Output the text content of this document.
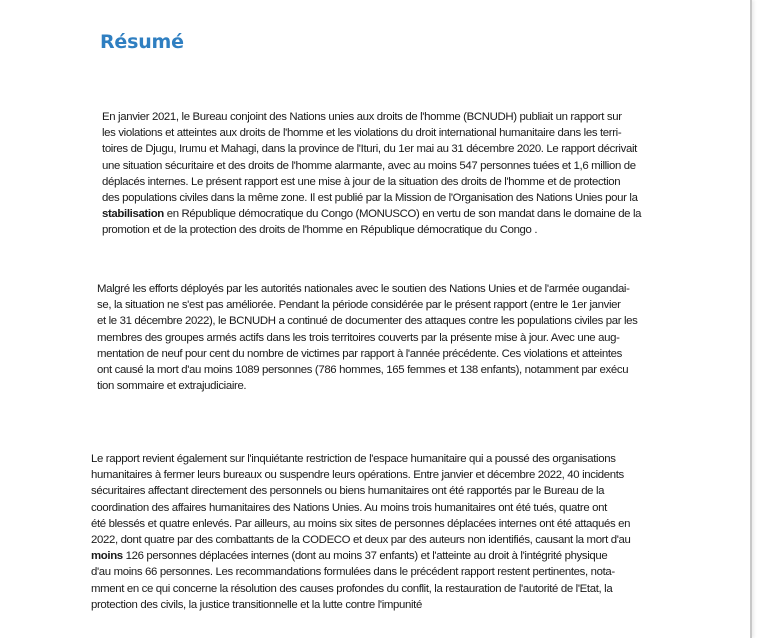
Résumé

En janvier 2021, le Bureau conjoint des Nations unies aux droits de l'homme (BCNUDH) publiait un rapport sur
les violations et atteintes aux droits de l'homme et les violations du droit international humanitaire dans les terri-
toires de Djugu, Irumu et Mahagi, dans la province de l'Ituri, du 1er mai au 31 décembre 2020. Le rapport décrivait
une situation sécuritaire et des droits de l'homme alarmante, avec au moins 547 personnes tuées et 1,6 million de
déplacés internes. Le présent rapport est une mise à jour de la situation des droits de l'homme et de protection
des populations civiles dans la même zone. Il est publié par la Mission de l'Organisation des Nations Unies pour la
stabilisation en République démocratique du Congo (MONUSCO) en vertu de son mandat dans le domaine de la
promotion et de la protection des droits de l'homme en République démocratique du Congo .

Malgré les efforts déployés par les autorités nationales avec le soutien des Nations Unies et de l'armée ougandai-
se, la situation ne s'est pas améliorée. Pendant la période considérée par le présent rapport (entre le 1er janvier
et le 31 décembre 2022), le BCNUDH a continué de documenter des attaques contre les populations civiles par les
membres des groupes armés actifs dans les trois territoires couverts par la présente mise à jour. Avec une aug-
mentation de neuf pour cent du nombre de victimes par rapport à l'année précédente. Ces violations et atteintes
ont causé la mort d'au moins 1089 personnes (786 hommes, 165 femmes et 138 enfants), notamment par exécu
tion sommaire et extrajudiciaire.

Le rapport revient également sur l'inquiétante restriction de l'espace humanitaire qui a poussé des organisations
humanitaires à fermer leurs bureaux ou suspendre leurs opérations. Entre janvier et décembre 2022, 40 incidents
sécuritaires affectant directement des personnels ou biens humanitaires ont été rapportés par le Bureau de la
coordination des affaires humanitaires des Nations Unies. Au moins trois humanitaires ont été tués, quatre ont
été blessés et quatre enlevés. Par ailleurs, au moins six sites de personnes déplacées internes ont été attaqués en
2022, dont quatre par des combattants de la CODECO et deux par des auteurs non identifiés, causant la mort d'au
moins 126 personnes déplacées internes (dont au moins 37 enfants) et l'atteinte au droit à l'intégrité physique
d'au moins 66 personnes. Les recommandations formulées dans le précédent rapport restent pertinentes, nota-
mment en ce qui concerne la résolution des causes profondes du conflit, la restauration de l'autorité de l'Etat, la
protection des civils, la justice transitionnelle et la lutte contre l'impunité
